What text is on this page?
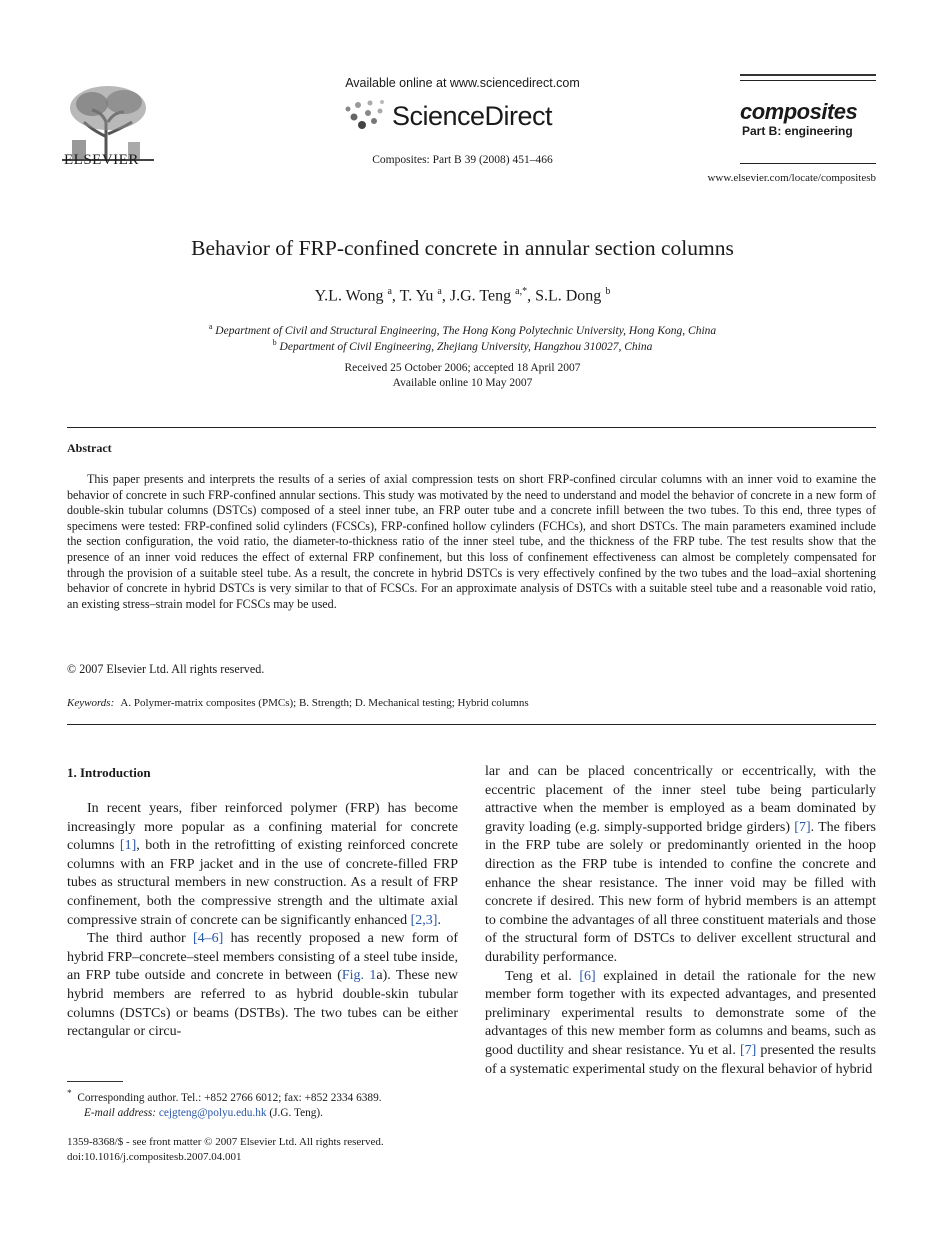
ELSEVIER
Available online at www.sciencedirect.com
ScienceDirect
Composites: Part B 39 (2008) 451–466
composites
Part B: engineering
www.elsevier.com/locate/compositesb
Behavior of FRP-confined concrete in annular section columns
Y.L. Wong $^a$, T. Yu $^a$, J.G. Teng $^{a,*}$, S.L. Dong $^b$
$^a$ Department of Civil and Structural Engineering, The Hong Kong Polytechnic University, Hong Kong, China
$^b$ Department of Civil Engineering, Zhejiang University, Hangzhou 310027, China
Received 25 October 2006; accepted 18 April 2007
Available online 10 May 2007
Abstract

This paper presents and interprets the results of a series of axial compression tests on short FRP-confined circular columns with an inner void to examine the behavior of concrete in such FRP-confined annular sections. This study was motivated by the need to understand and model the behavior of concrete in a new form of double-skin tubular columns (DSTCs) composed of a steel inner tube, an FRP outer tube and a concrete infill between the two tubes. To this end, three types of specimens were tested: FRP-confined solid cylinders (FCSCs), FRP-confined hollow cylinders (FCHCs), and short DSTCs. The main parameters examined include the section configuration, the void ratio, the diameter-to-thickness ratio of the inner steel tube, and the thickness of the FRP tube. The test results show that the presence of an inner void reduces the effect of external FRP confinement, but this loss of confinement effectiveness can almost be completely compensated for through the provision of a suitable steel tube. As a result, the concrete in hybrid DSTCs is very effectively confined by the two tubes and the load–axial shortening behavior of concrete in hybrid DSTCs is very similar to that of FCSCs. For an approximate analysis of DSTCs with a suitable steel tube and a reasonable void ratio, an existing stress–strain model for FCSCs may be used.

© 2007 Elsevier Ltd. All rights reserved.
Keywords: A. Polymer-matrix composites (PMCs); B. Strength; D. Mechanical testing; Hybrid columns
1. Introduction

In recent years, fiber reinforced polymer (FRP) has become increasingly more popular as a confining material for concrete columns [1], both in the retrofitting of existing reinforced concrete columns with an FRP jacket and in the use of concrete-filled FRP tubes as structural members in new construction. As a result of FRP confinement, both the compressive strength and the ultimate axial compressive strain of concrete can be significantly enhanced [2,3].

The third author [4–6] has recently proposed a new form of hybrid FRP–concrete–steel members consisting of a steel tube inside, an FRP tube outside and concrete in between (Fig. 1a). These new hybrid members are referred to as hybrid double-skin tubular columns (DSTCs) or beams (DSTBs). The two tubes can be either rectangular or circu-

lar and can be placed concentrically or eccentrically, with the eccentric placement of the inner steel tube being particularly attractive when the member is employed as a beam dominated by gravity loading (e.g. simply-supported bridge girders) [7]. The fibers in the FRP tube are solely or predominantly oriented in the hoop direction as the FRP tube is intended to confine the concrete and enhance the shear resistance. The inner void may be filled with concrete if desired. This new form of hybrid members is an attempt to combine the advantages of all three constituent materials and those of the structural form of DSTCs to deliver excellent structural and durability performance.

Teng et al. [6] explained in detail the rationale for the new member form together with its expected advantages, and presented preliminary experimental results to demonstrate some of the advantages of this new member form as columns and beams, such as good ductility and shear resistance. Yu et al. [7] presented the results of a systematic experimental study on the flexural behavior of hybrid

* Corresponding author. Tel.: +852 2766 6012; fax: +852 2334 6389.
E-mail address: cejgteng@polyu.edu.hk (J.G. Teng).
1359-8368/$ - see front matter © 2007 Elsevier Ltd. All rights reserved.
doi:10.1016/j.compositesb.2007.04.001
